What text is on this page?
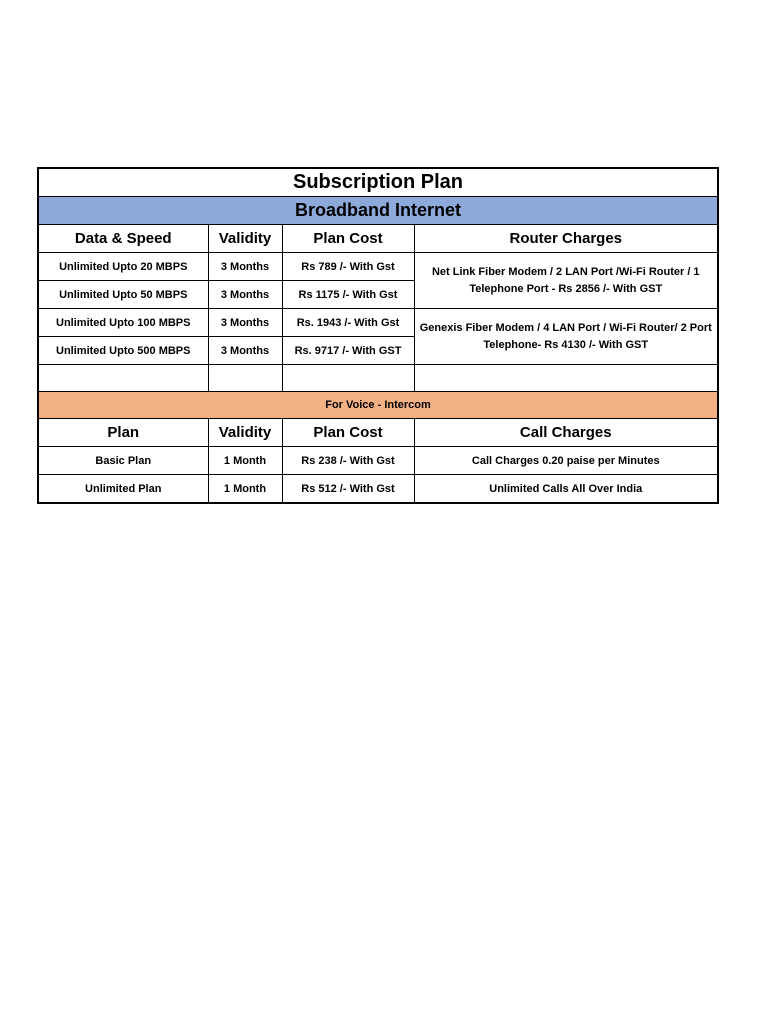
Subscription Plan			
Broadband Internet			
Data & Speed	Validity	Plan Cost	Router Charges
Unlimited Upto 20 MBPS	3 Months	Rs 789 /- With Gst	Net Link Fiber Modem / 2 LAN Port /Wi-Fi Router / 1 Telephone Port - Rs 2856 /- With GST
Unlimited Upto 50 MBPS	3 Months	Rs 1175 /- With Gst	
Unlimited Upto 100 MBPS	3 Months	Rs. 1943 /- With Gst	Genexis Fiber Modem / 4 LAN Port / Wi-Fi Router/ 2 Port Telephone- Rs 4130 /- With GST
Unlimited Upto 500 MBPS	3 Months	Rs. 9717 /- With GST	

For Voice - Intercom			
Plan	Validity	Plan Cost	Call Charges
Basic Plan	1 Month	Rs 238 /- With Gst	Call Charges 0.20 paise per Minutes
Unlimited Plan	1 Month	Rs 512 /- With Gst	Unlimited Calls All Over India
